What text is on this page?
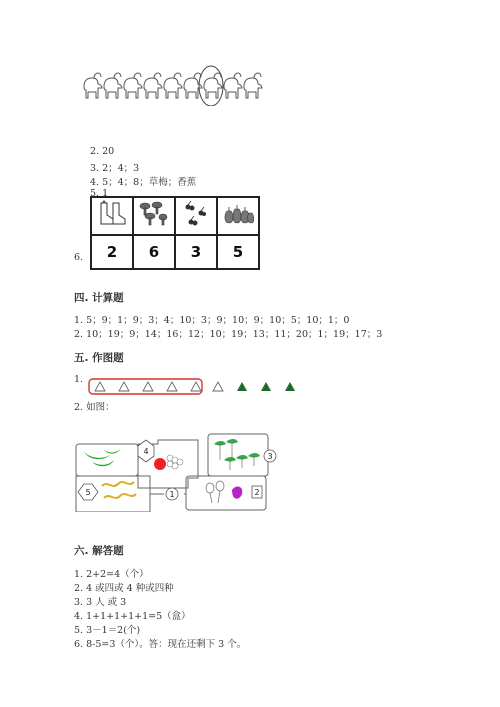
2. 20
3. 2；4；3
4. 5；4；8；草梅；香蕉
5. 1
6.
			2	6	3	5
四. 计算题
1. 5；9；1；9；3；4；10；3；9；10；9；10；5；10；1；0
2. 10；19；9；14；16；12；10；19；13；11；20；1；19；17；3
五. 作图题
1.
2. 如图：
4
3
5	1	2
六. 解答题
1. 2+2=4（个）
2. 4 或四或 4 种或四种
3. 3 人 或 3
4. 1+1+1+1+1=5（盒）
5. 3－1＝2(个)
6. 8-5=3（个）。答：现在还剩下 3 个。
